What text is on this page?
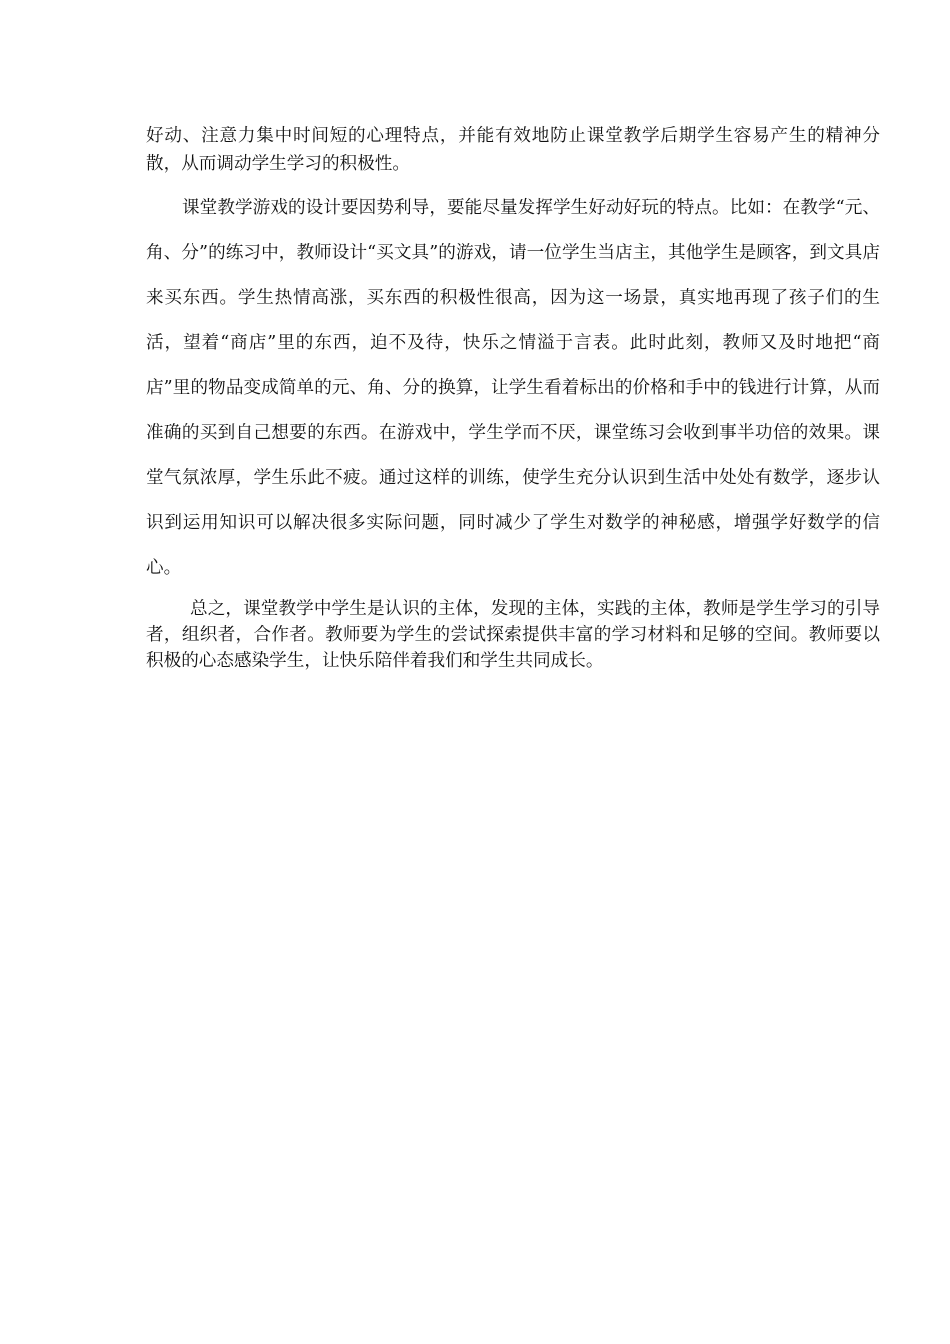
好动、注意力集中时间短的心理特点，并能有效地防止课堂教学后期学生容易产生的精神分散，从而调动学生学习的积极性。

课堂教学游戏的设计要因势利导，要能尽量发挥学生好动好玩的特点。比如：在教学“元、角、分”的练习中，教师设计“买文具”的游戏，请一位学生当店主，其他学生是顾客，到文具店来买东西。学生热情高涨，买东西的积极性很高，因为这一场景，真实地再现了孩子们的生活，望着“商店”里的东西，迫不及待，快乐之情溢于言表。此时此刻，教师又及时地把“商店”里的物品变成简单的元、角、分的换算，让学生看着标出的价格和手中的钱进行计算，从而准确的买到自己想要的东西。在游戏中，学生学而不厌，课堂练习会收到事半功倍的效果。课堂气氛浓厚，学生乐此不疲。通过这样的训练，使学生充分认识到生活中处处有数学，逐步认识到运用知识可以解决很多实际问题，同时减少了学生对数学的神秘感，增强学好数学的信心。

总之，课堂教学中学生是认识的主体，发现的主体，实践的主体，教师是学生学习的引导者，组织者，合作者。教师要为学生的尝试探索提供丰富的学习材料和足够的空间。教师要以积极的心态感染学生，让快乐陪伴着我们和学生共同成长。
